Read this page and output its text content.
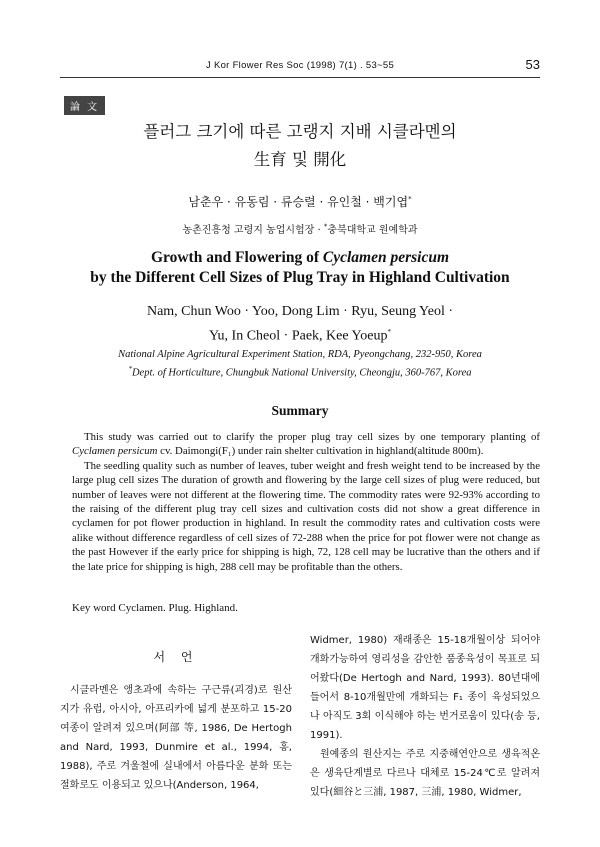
J Kor Flower Res Soc (1998) 7(1) . 53~55	53
論 文
플러그 크기에 따른 고랭지 지배 시클라멘의
生育 및 開化
남춘우 · 유동림 · 류승렬 · 유인철 · 백기엽*
농촌진흥청 고령지 농업시험장 · *충북대학교 원예학과
Growth and Flowering of Cyclamen persicum
by the Different Cell Sizes of Plug Tray in Highland Cultivation
Nam, Chun Woo · Yoo, Dong Lim · Ryu, Seung Yeol ·
Yu, In Cheol · Paek, Kee Yoeup*
National Alpine Agricultural Experiment Station, RDA, Pyeongchang, 232-950, Korea
*Dept. of Horticulture, Chungbuk National University, Cheongju, 360-767, Korea
Summary

This study was carried out to clarify the proper plug tray cell sizes by one temporary planting of Cyclamen persicum cv. Daimongi(F₁) under rain shelter cultivation in highland(altitude 800m).

The seedling quality such as number of leaves, tuber weight and fresh weight tend to be increased by the large plug cell sizes The duration of growth and flowering by the large cell sizes of plug were reduced, but number of leaves were not different at the flowering time. The commodity rates were 92-93% according to the raising of the different plug tray cell sizes and cultivation costs did not show a great difference in cyclamen for pot flower production in highland. In result the commodity rates and cultivation costs were alike without difference regardless of cell sizes of 72-288 when the price for pot flower were not change as the past However if the early price for shipping is high, 72, 128 cell may be lucrative than the others and if the late price for shipping is high, 288 cell may be profitable than the others.

Key word Cyclamen. Plug. Highland.

서 언

시클라멘은 앵초과에 속하는 구근류(괴경)로 원산지가 유럽, 아시아, 아프리카에 넓게 분포하고 15-20 여종이 알려져 있으며(阿部 等, 1986, De Hertogh and Nard, 1993, Dunmire et al., 1994, 홍, 1988), 주로 겨울철에 실내에서 아름다운 분화 또는 절화로도 이용되고 있으나(Anderson, 1964,

Widmer, 1980) 재래종은 15-18개월이상 되어야 개화가능하여 영리성을 감안한 품종육성이 목표로 되어왔다(De Hertogh and Nard, 1993). 80년대에 들어서 8-10개월만에 개화되는 F₁ 종이 육성되었으나 아직도 3회 이식해야 하는 번거로움이 있다(송 등, 1991).

원예종의 원산지는 주로 지중해연안으로 생육적온은 생육단계별로 다르나 대체로 15-24℃로 알려져있다(細谷と三浦, 1987, 三浦, 1980, Widmer,
